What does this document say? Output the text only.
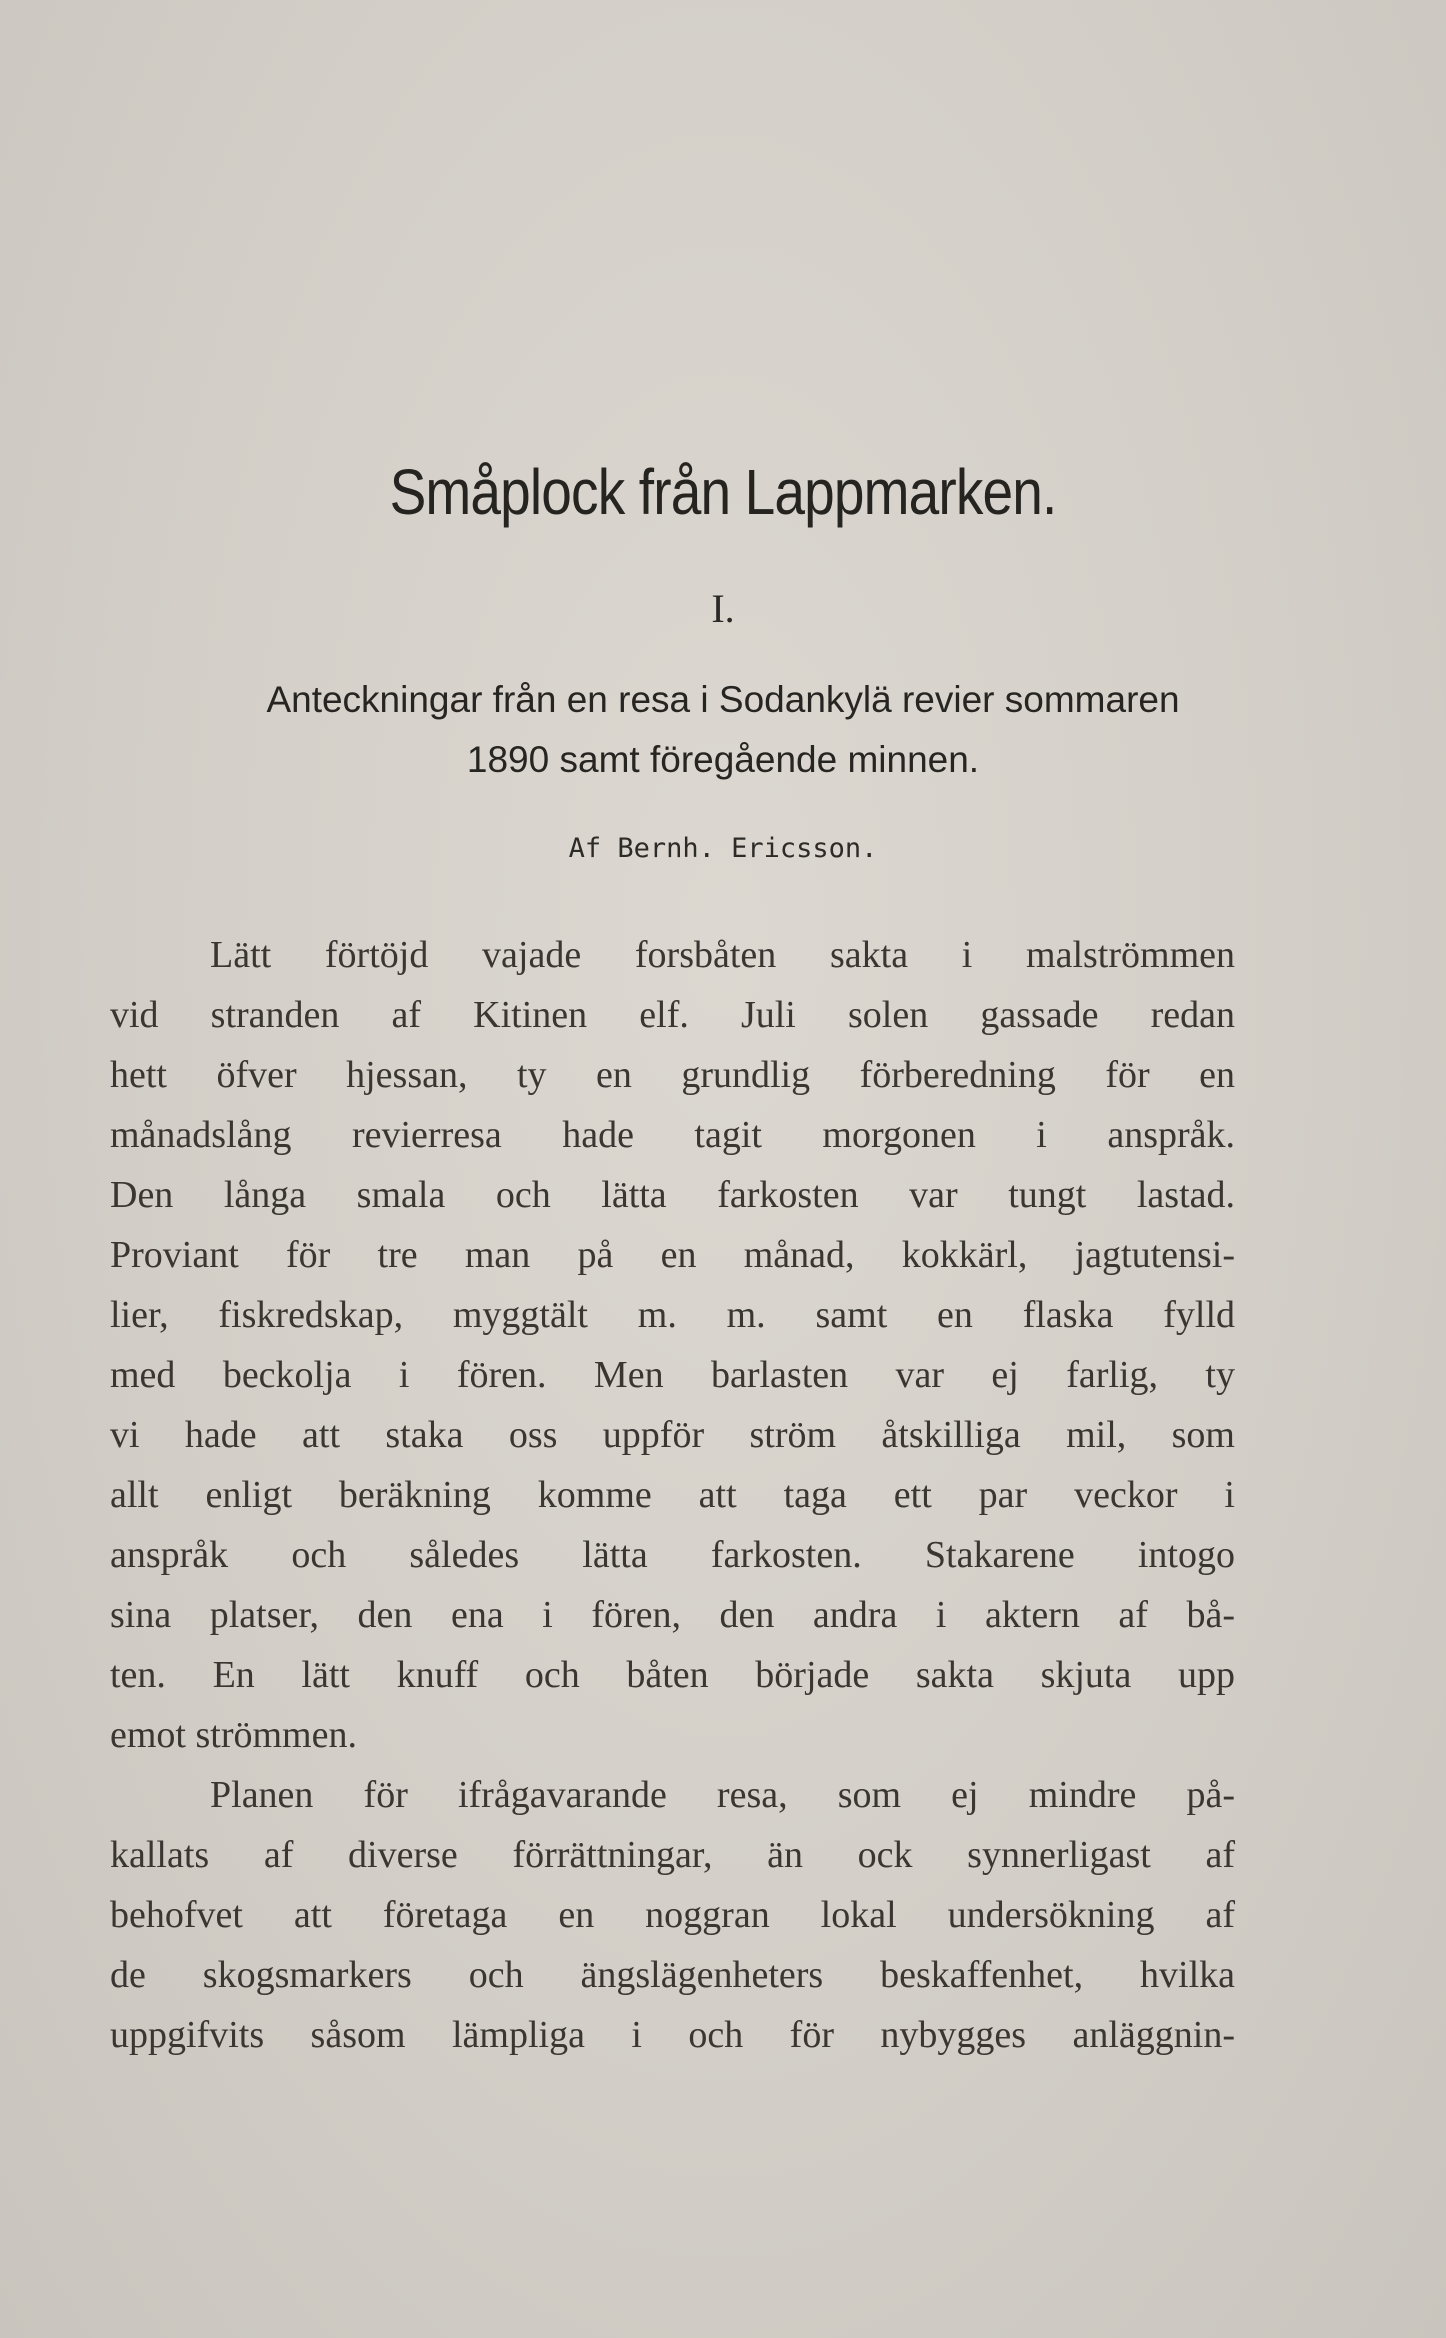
Småplock från Lappmarken.
I.
Anteckningar från en resa i Sodankylä revier sommaren
1890 samt föregående minnen.
Af Bernh. Ericsson.
Lätt förtöjd vajade forsbåten sakta i malströmmen
vid stranden af Kitinen elf. Juli solen gassade redan
hett öfver hjessan, ty en grundlig förberedning för en
månadslång revierresa hade tagit morgonen i anspråk.
Den långa smala och lätta farkosten var tungt lastad.
Proviant för tre man på en månad, kokkärl, jagtutensi-
lier, fiskredskap, myggtält m. m. samt en flaska fylld
med beckolja i fören. Men barlasten var ej farlig, ty
vi hade att staka oss uppför ström åtskilliga mil, som
allt enligt beräkning komme att taga ett par veckor i
anspråk och således lätta farkosten. Stakarene intogo
sina platser, den ena i fören, den andra i aktern af bå-
ten. En lätt knuff och båten började sakta skjuta upp
emot strömmen.
Planen för ifrågavarande resa, som ej mindre på-
kallats af diverse förrättningar, än ock synnerligast af
behofvet att företaga en noggran lokal undersökning af
de skogsmarkers och ängslägenheters beskaffenhet, hvilka
uppgifvits såsom lämpliga i och för nybygges anläggnin-
